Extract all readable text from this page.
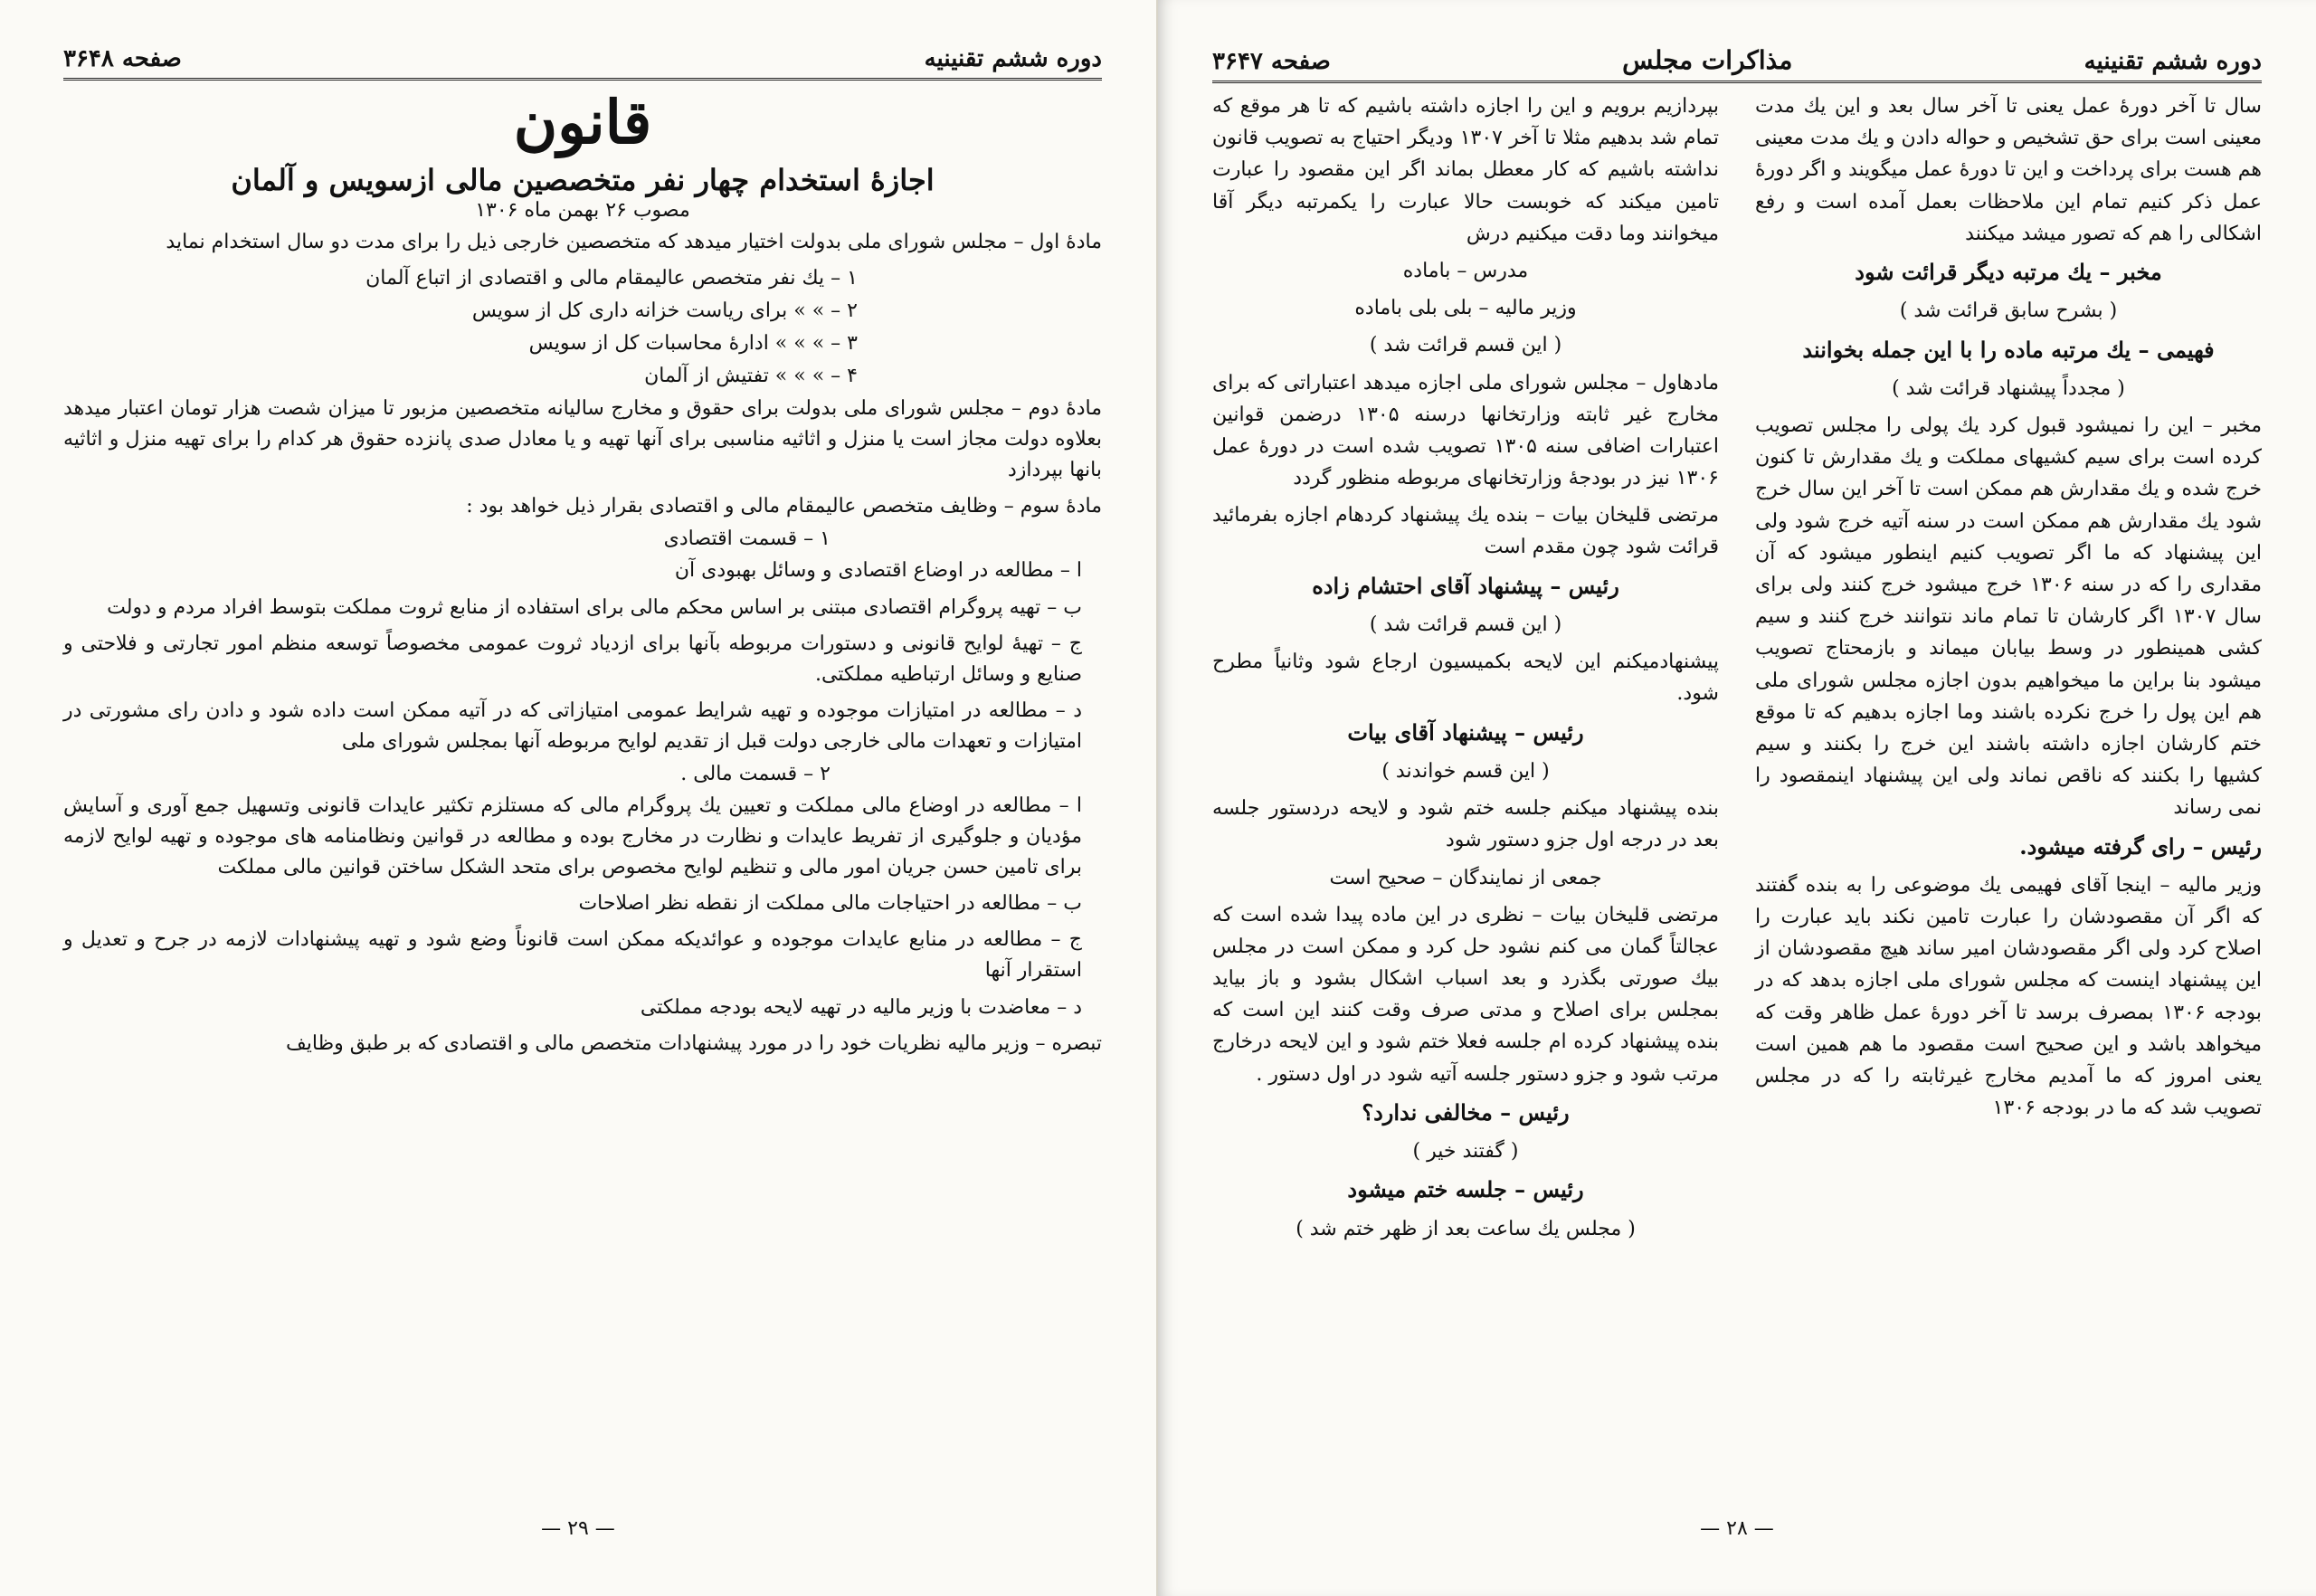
دوره ششم تقنینیه
صفحه ۳۶۴۸
قانون
اجازهٔ استخدام چهار نفر متخصصین مالی ازسویس و آلمان
مصوب ۲۶ بهمن ماه ۱۳۰۶

مادهٔ اول – مجلس شورای ملی بدولت اختیار میدهد که متخصصین خارجی ذیل را برای مدت دو سال استخدام نماید

۱ – یك نفر متخصص عالیمقام مالی و اقتصادی از اتباع آلمان
۲ – » » برای ریاست خزانه داری کل از سویس
۳ – » » » ادارهٔ محاسبات کل از سویس
۴ – » » » تفتیش از آلمان

مادهٔ دوم – مجلس شورای ملی بدولت برای حقوق و مخارج سالیانه متخصصین مزبور تا میزان شصت هزار تومان اعتبار میدهد بعلاوه دولت مجاز است یا منزل و اثاثیه مناسبی برای آنها تهیه و یا معادل صدی پانزده حقوق هر کدام را برای تهیه منزل و اثاثیه بانها بپردازد

مادهٔ سوم – وظایف متخصص عالیمقام مالی و اقتصادی بقرار ذیل خواهد بود :

۱ – قسمت اقتصادی

ا – مطالعه در اوضاع اقتصادی و وسائل بهبودی آن

ب – تهیه پروگرام اقتصادی مبتنی بر اساس محکم مالی برای استفاده از منابع ثروت مملکت بتوسط افراد مردم و دولت

ج – تهیهٔ لوایح قانونی و دستورات مربوطه بآنها برای ازدیاد ثروت عمومی مخصوصاً توسعه منظم امور تجارتی و فلاحتی و صنایع و وسائل ارتباطیه مملکتی.

د – مطالعه در امتیازات موجوده و تهیه شرایط عمومی امتیازاتی که در آتیه ممکن است داده شود و دادن رای مشورتی در امتیازات و تعهدات مالی خارجی دولت قبل از تقدیم لوایح مربوطه آنها بمجلس شورای ملی

۲ – قسمت مالی .

ا – مطالعه در اوضاع مالی مملکت و تعیین یك پروگرام مالی که مستلزم تکثیر عایدات قانونی وتسهیل جمع آوری و آسایش مؤدیان و جلوگیری از تفریط عایدات و نظارت در مخارج بوده و مطالعه در قوانین ونظامنامه های موجوده و تهیه لوایح لازمه برای تامین حسن جریان امور مالی و تنظیم لوایح مخصوص برای متحد الشکل ساختن قوانین مالی مملکت

ب – مطالعه در احتیاجات مالی مملکت از نقطه نظر اصلاحات

ج – مطالعه در منابع عایدات موجوده و عوائدیکه ممکن است قانوناً وضع شود و تهیه پیشنهادات لازمه در جرح و تعدیل و استقرار آنها

د – معاضدت با وزیر مالیه در تهیه لایحه بودجه مملکتی

تبصره – وزیر مالیه نظریات خود را در مورد پیشنهادات متخصص مالی و اقتصادی که بر طبق وظایف

— ۲۹ —
دوره ششم تقنینیه
مذاکرات مجلس
صفحه ۳۶۴۷

سال تا آخر دورهٔ عمل یعنی تا آخر سال بعد و این یك مدت معینی است برای حق تشخیص و حواله دادن و یك مدت معینی هم هست برای پرداخت و این تا دورهٔ عمل میگویند و اگر دورهٔ عمل ذکر کنیم تمام این ملاحظات بعمل آمده است و رفع اشکالی را هم که تصور میشد میکنند

مخبر – یك مرتبه دیگر قرائت شود

( بشرح سابق قرائت شد )

فهیمی – یك مرتبه ماده را با این جمله بخوانند

( مجدداً پیشنهاد قرائت شد )

مخبر – این را نمیشود قبول کرد یك پولی را مجلس تصویب کرده است برای سیم کشیهای مملکت و یك مقدارش تا کنون خرج شده و یك مقدارش هم ممکن است تا آخر این سال خرج شود یك مقدارش هم ممکن است در سنه آتیه خرج شود ولی این پیشنهاد که ما اگر تصویب کنیم اینطور میشود که آن مقداری را که در سنه ۱۳۰۶ خرج میشود خرج کنند ولی برای سال ۱۳۰۷ اگر کارشان تا تمام ماند نتوانند خرج کنند و سیم کشی همینطور در وسط بیابان میماند و بازمحتاج تصویب میشود بنا براین ما میخواهیم بدون اجازه مجلس شورای ملی هم این پول را خرج نکرده باشند وما اجازه بدهیم که تا موقع ختم کارشان اجازه داشته باشند این خرج را بکنند و سیم کشیها را بکنند که ناقص نماند ولی این پیشنهاد اینمقصود را نمی رساند

رئیس – رای گرفته میشود.

وزیر مالیه – اینجا آقای فهیمی یك موضوعی را به بنده گفتند که اگر آن مقصودشان را عبارت تامین نکند باید عبارت را اصلاح کرد ولی اگر مقصودشان امیر ساند هیچ مقصودشان از این پیشنهاد اینست که مجلس شورای ملی اجازه بدهد که در بودجه ۱۳۰۶ بمصرف برسد تا آخر دورهٔ عمل ظاهر وقت که میخواهد باشد و این صحیح است مقصود ما هم همین است یعنی امروز که ما آمدیم مخارج غیرثابته را که در مجلس تصویب شد که ما در بودجه ۱۳۰۶

بپردازیم برویم و این را اجازه داشته باشیم که تا هر موقع که تمام شد بدهیم مثلا تا آخر ۱۳۰۷ ودیگر احتیاج به تصویب قانون نداشته باشیم که کار معطل بماند اگر این مقصود را عبارت تامین میکند که خوبست حالا عبارت را یکمرتبه دیگر آقا میخوانند وما دقت میکنیم درش

مدرس – باماده

وزیر مالیه – بلی بلی باماده

( این قسم قرائت شد )

مادهاول – مجلس شورای ملی اجازه میدهد اعتباراتی که برای مخارج غیر ثابته وزارتخانها درسنه ۱۳۰۵ درضمن قوانین اعتبارات اضافی سنه ۱۳۰۵ تصویب شده است در دورهٔ عمل ۱۳۰۶ نیز در بودجهٔ وزارتخانهای مربوطه منظور گردد

مرتضی قلیخان بیات – بنده یك پیشنهاد کردهام اجازه بفرمائید قرائت شود چون مقدم است

رئیس – پیشنهاد آقای احتشام زاده

( این قسم قرائت شد )

پیشنهادمیکنم این لایحه بکمیسیون ارجاع شود وثانیاً مطرح شود.

رئیس – پیشنهاد آقای بیات

( این قسم خواندند )

بنده پیشنهاد میکنم جلسه ختم شود و لایحه دردستور جلسه بعد در درجه اول جزو دستور شود

جمعی از نمایندگان – صحیح است

مرتضی قلیخان بیات – نظری در این ماده پیدا شده است که عجالتاً گمان می کنم نشود حل کرد و ممکن است در مجلس بیك صورتی بگذرد و بعد اسباب اشکال بشود و باز بیاید بمجلس برای اصلاح و مدتی صرف وقت کنند این است که بنده پیشنهاد کرده ام جلسه فعلا ختم شود و این لایحه درخارج مرتب شود و جزو دستور جلسه آتیه شود در اول دستور .

رئیس – مخالفی ندارد؟

( گفتند خیر )

رئیس – جلسه ختم میشود

( مجلس یك ساعت بعد از ظهر ختم شد )

— ۲۸ —
